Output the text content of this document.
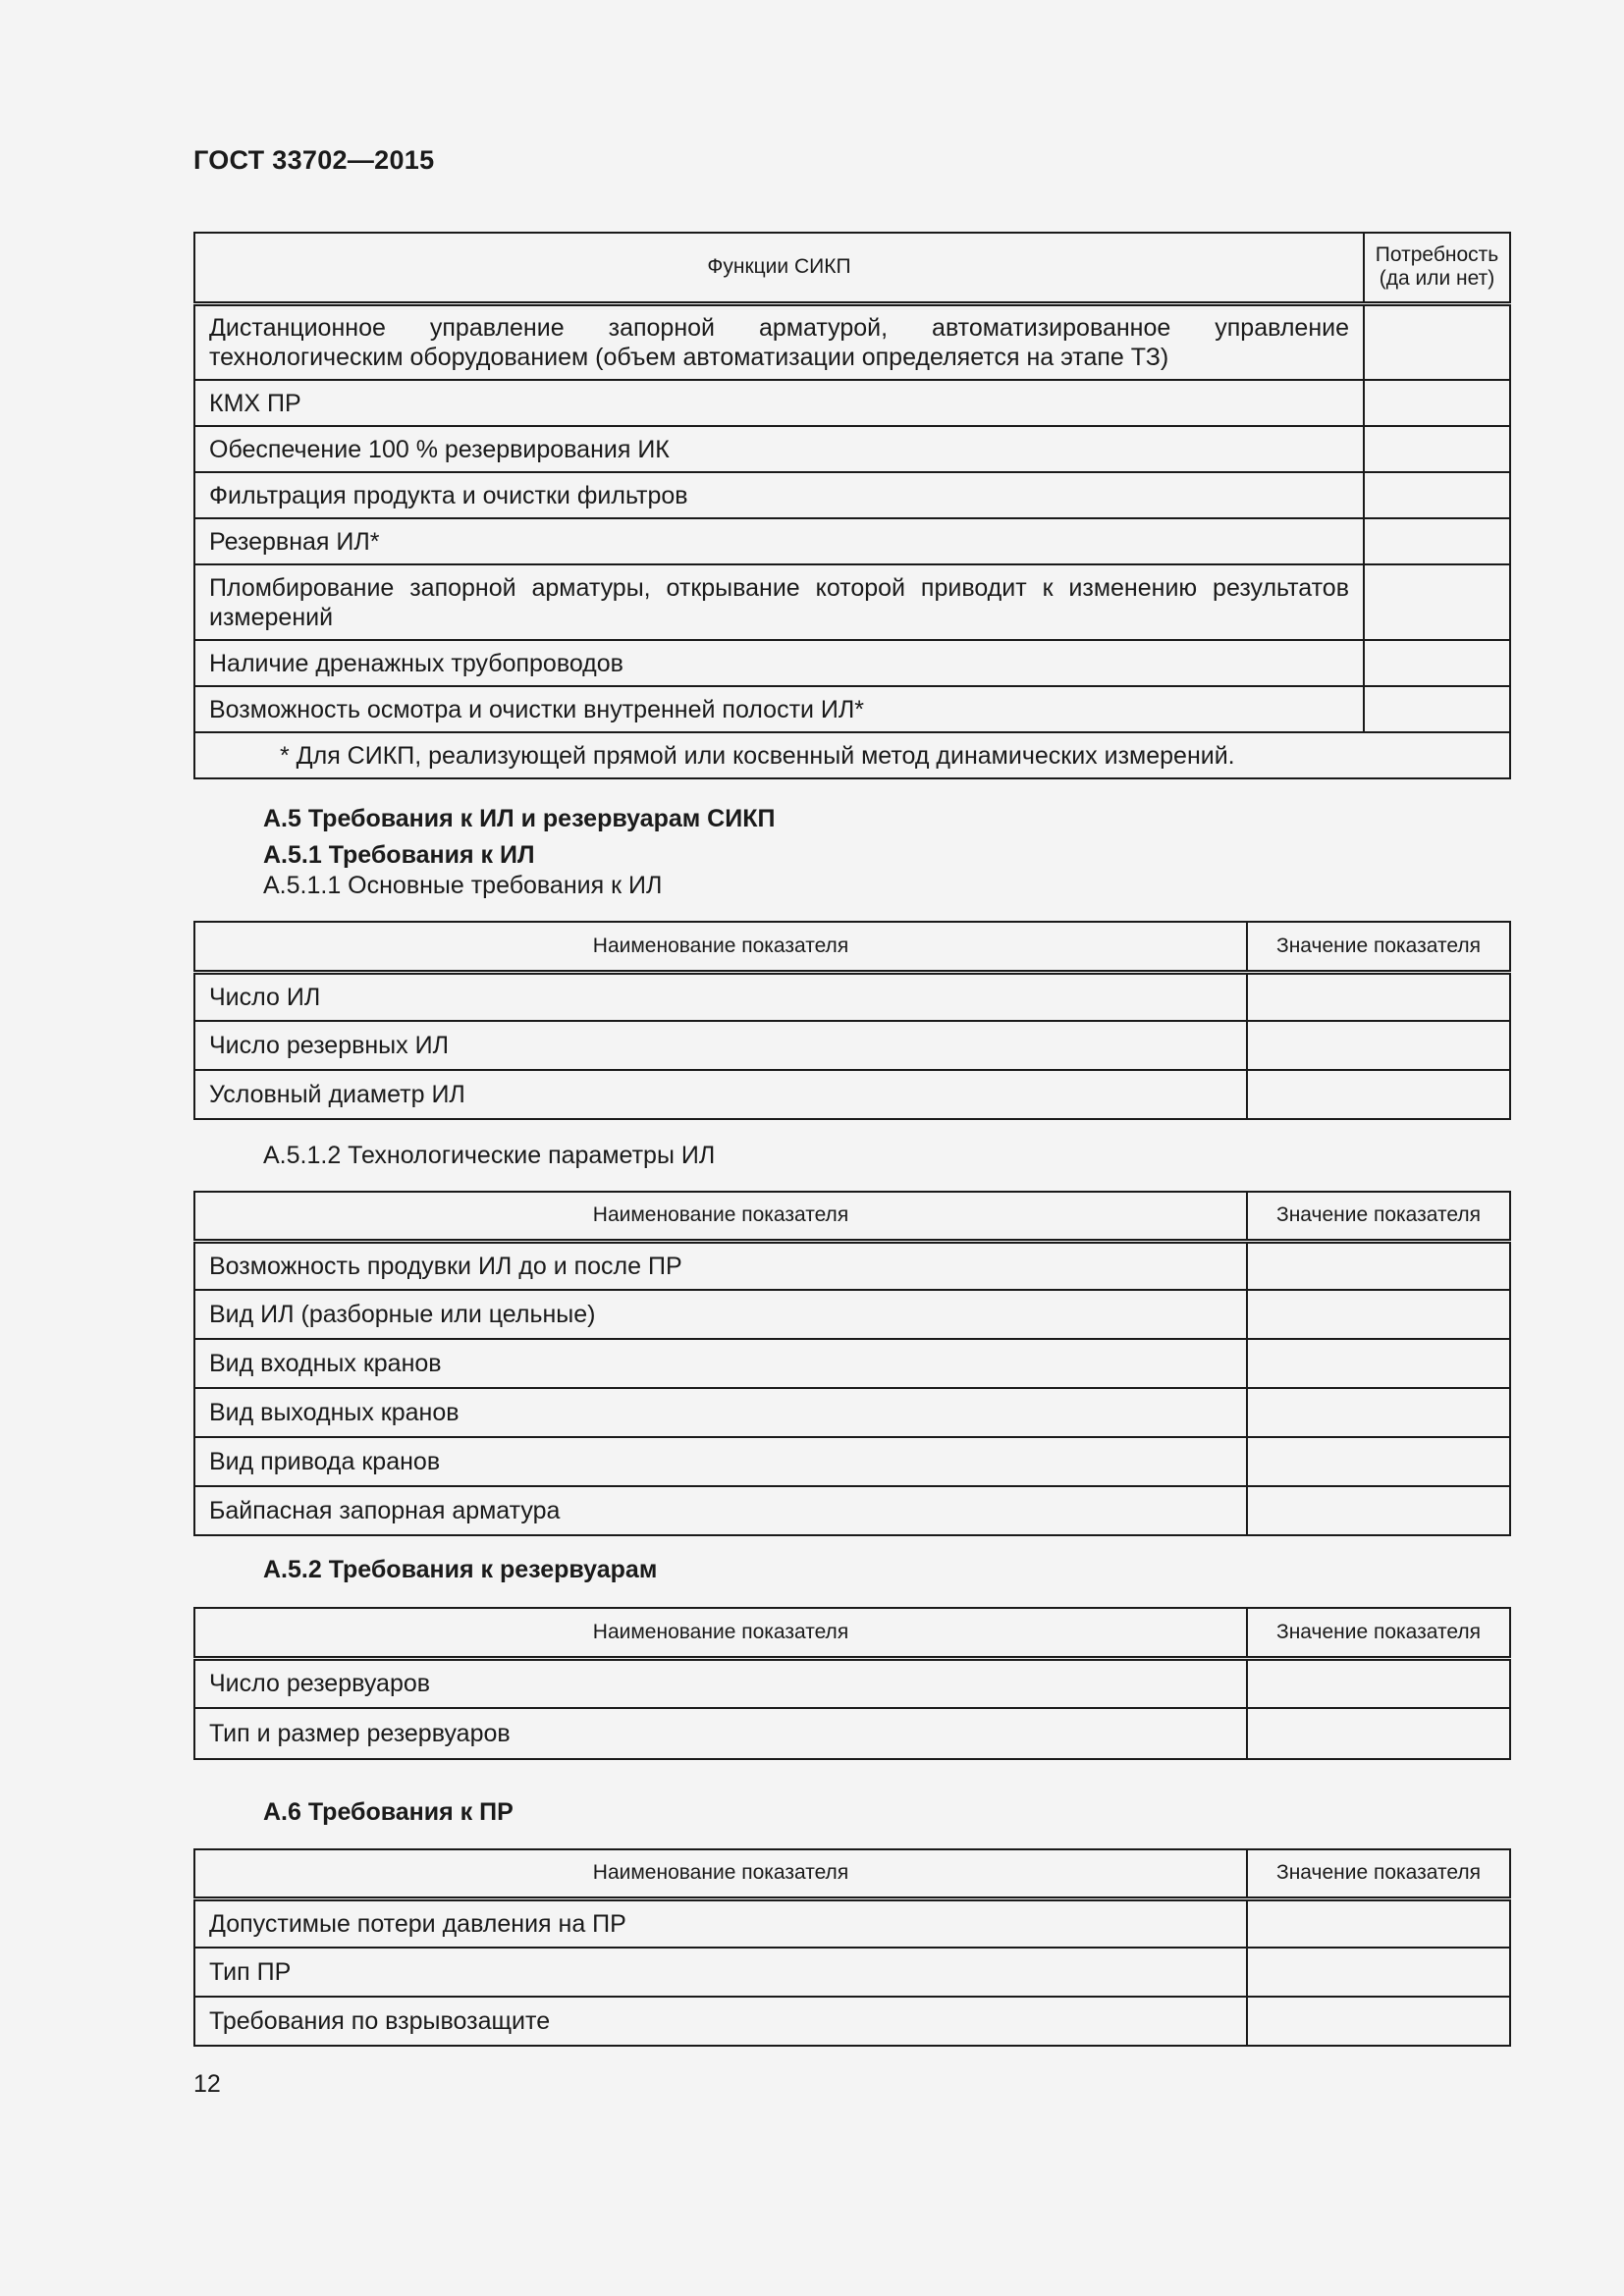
ГОСТ 33702—2015
Функции СИКП	Потребность (да или нет)
Дистанционное управление запорной арматурой, автоматизированное управление технологическим оборудованием (объем автоматизации определяется на этапе ТЗ)	
КМХ ПР	
Обеспечение 100 % резервирования ИК	
Фильтрация продукта и очистки фильтров	
Резервная ИЛ*	
Пломбирование запорной арматуры, открывание которой приводит к изменению результатов измерений	
Наличие дренажных трубопроводов	
Возможность осмотра и очистки внутренней полости ИЛ*	
* Для СИКП, реализующей прямой или косвенный метод динамических измерений.	
А.5 Требования к ИЛ и резервуарам СИКП
А.5.1 Требования к ИЛ
А.5.1.1 Основные требования к ИЛ
Наименование показателя	Значение показателя
Число ИЛ	
Число резервных ИЛ	
Условный диаметр ИЛ	
А.5.1.2 Технологические параметры ИЛ
Наименование показателя	Значение показателя
Возможность продувки ИЛ до и после ПР	
Вид ИЛ (разборные или цельные)	
Вид входных кранов	
Вид выходных кранов	
Вид привода кранов	
Байпасная запорная арматура	
А.5.2 Требования к резервуарам
Наименование показателя	Значение показателя
Число резервуаров	
Тип и размер резервуаров	
А.6 Требования к ПР
Наименование показателя	Значение показателя
Допустимые потери давления на ПР	
Тип ПР	
Требования по взрывозащите	
12
